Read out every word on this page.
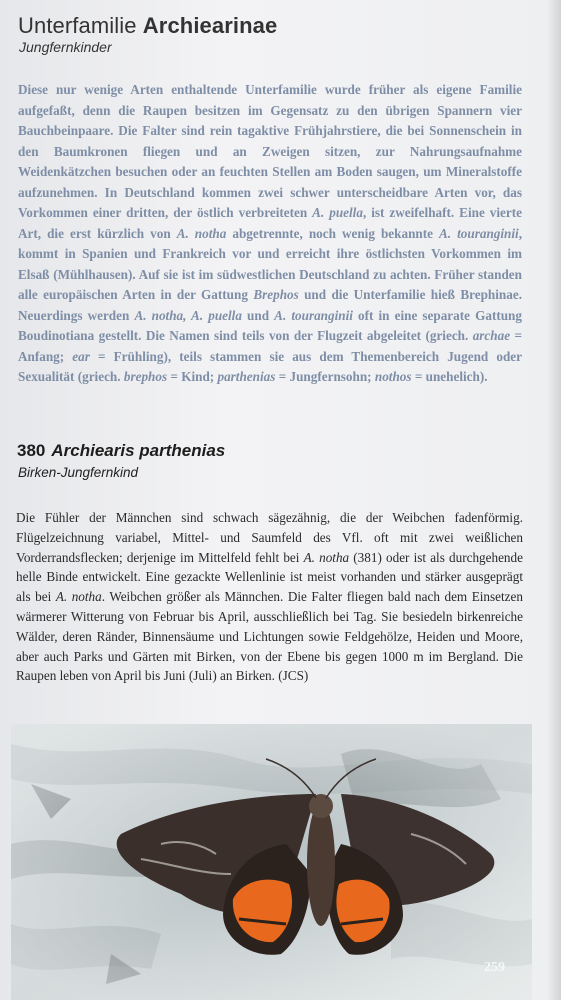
Unterfamilie Archiearinae

Jungfernkinder

Diese nur wenige Arten enthaltende Unterfamilie wurde früher als eigene Familie aufgefaßt, denn die Raupen besitzen im Gegensatz zu den übrigen Spannern vier Bauchbeinpaare. Die Falter sind rein tagaktive Frühjahrstiere, die bei Sonnenschein in den Baumkronen fliegen und an Zweigen sitzen, zur Nahrungsaufnahme Weidenkätzchen besuchen oder an feuchten Stellen am Boden saugen, um Mineralstoffe aufzunehmen. In Deutschland kommen zwei schwer unterscheidbare Arten vor, das Vorkommen einer dritten, der östlich verbreiteten A. puella, ist zweifelhaft. Eine vierte Art, die erst kürzlich von A. notha abgetrennte, noch wenig bekannte A. touranginii, kommt in Spanien und Frankreich vor und erreicht ihre östlichsten Vorkommen im Elsaß (Mühlhausen). Auf sie ist im südwestlichen Deutschland zu achten. Früher standen alle europäischen Arten in der Gattung Brephos und die Unterfamilie hieß Brephinae. Neuerdings werden A. notha, A. puella und A. touranginii oft in eine separate Gattung Boudinotiana gestellt. Die Namen sind teils von der Flugzeit abgeleitet (griech. archae = Anfang; ear = Frühling), teils stammen sie aus dem Themenbereich Jugend oder Sexualität (griech. brephos = Kind; parthenias = Jungfernsohn; nothos = unehelich).

380 Archiearis parthenias

Birken-Jungfernkind

Die Fühler der Männchen sind schwach sägezähnig, die der Weibchen fadenförmig. Flügelzeichnung variabel, Mittel- und Saumfeld des Vfl. oft mit zwei weißlichen Vorderrandsflecken; derjenige im Mittelfeld fehlt bei A. notha (381) oder ist als durchgehende helle Binde entwickelt. Eine gezackte Wellenlinie ist meist vorhanden und stärker ausgeprägt als bei A. notha. Weibchen größer als Männchen. Die Falter fliegen bald nach dem Einsetzen wärmerer Witterung von Februar bis April, ausschließlich bei Tag. Sie besiedeln birkenreiche Wälder, deren Ränder, Binnensäume und Lichtungen sowie Feldgehölze, Heiden und Moore, aber auch Parks und Gärten mit Birken, von der Ebene bis gegen 1000 m im Bergland. Die Raupen leben von April bis Juni (Juli) an Birken. (JCS)

259
